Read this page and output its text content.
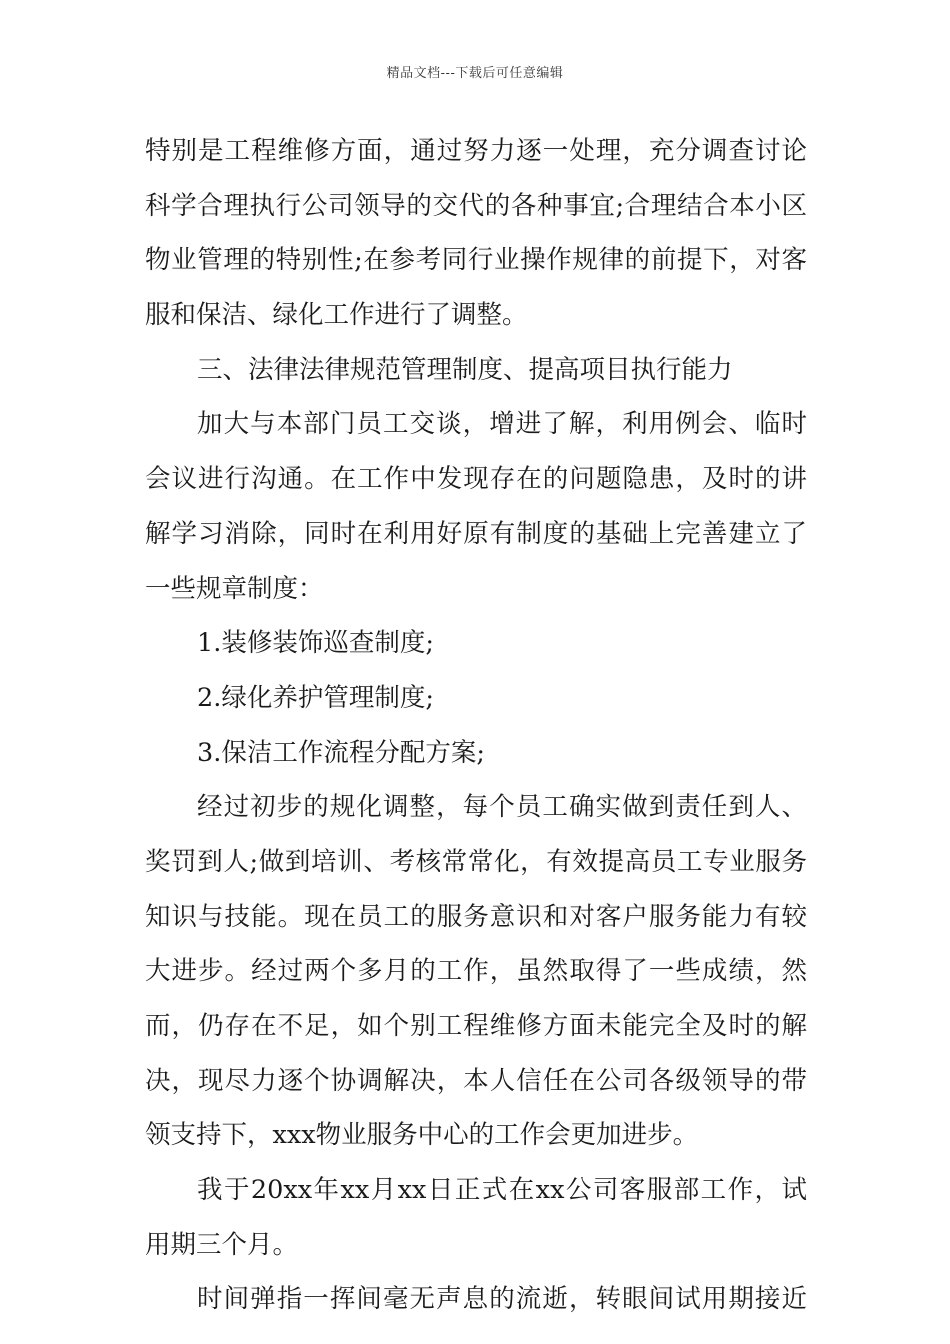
精品文档---下载后可任意编辑
特别是工程维修方面，通过努力逐一处理，充分调查讨论
科学合理执行公司领导的交代的各种事宜;合理结合本小区
物业管理的特别性;在参考同行业操作规律的前提下，对客
服和保洁、绿化工作进行了调整。
三、法律法律规范管理制度、提高项目执行能力
加大与本部门员工交谈，增进了解，利用例会、临时
会议进行沟通。在工作中发现存在的问题隐患，及时的讲
解学习消除，同时在利用好原有制度的基础上完善建立了
一些规章制度：
1.装修装饰巡查制度;
2.绿化养护管理制度;
3.保洁工作流程分配方案;
经过初步的规化调整，每个员工确实做到责任到人、
奖罚到人;做到培训、考核常常化，有效提高员工专业服务
知识与技能。现在员工的服务意识和对客户服务能力有较
大进步。经过两个多月的工作，虽然取得了一些成绩，然
而，仍存在不足，如个别工程维修方面未能完全及时的解
决，现尽力逐个协调解决，本人信任在公司各级领导的带
领支持下，xxx物业服务中心的工作会更加进步。
我于20xx年xx月xx日正式在xx公司客服部工作，试
用期三个月。
时间弹指一挥间毫无声息的流逝，转眼间试用期接近
